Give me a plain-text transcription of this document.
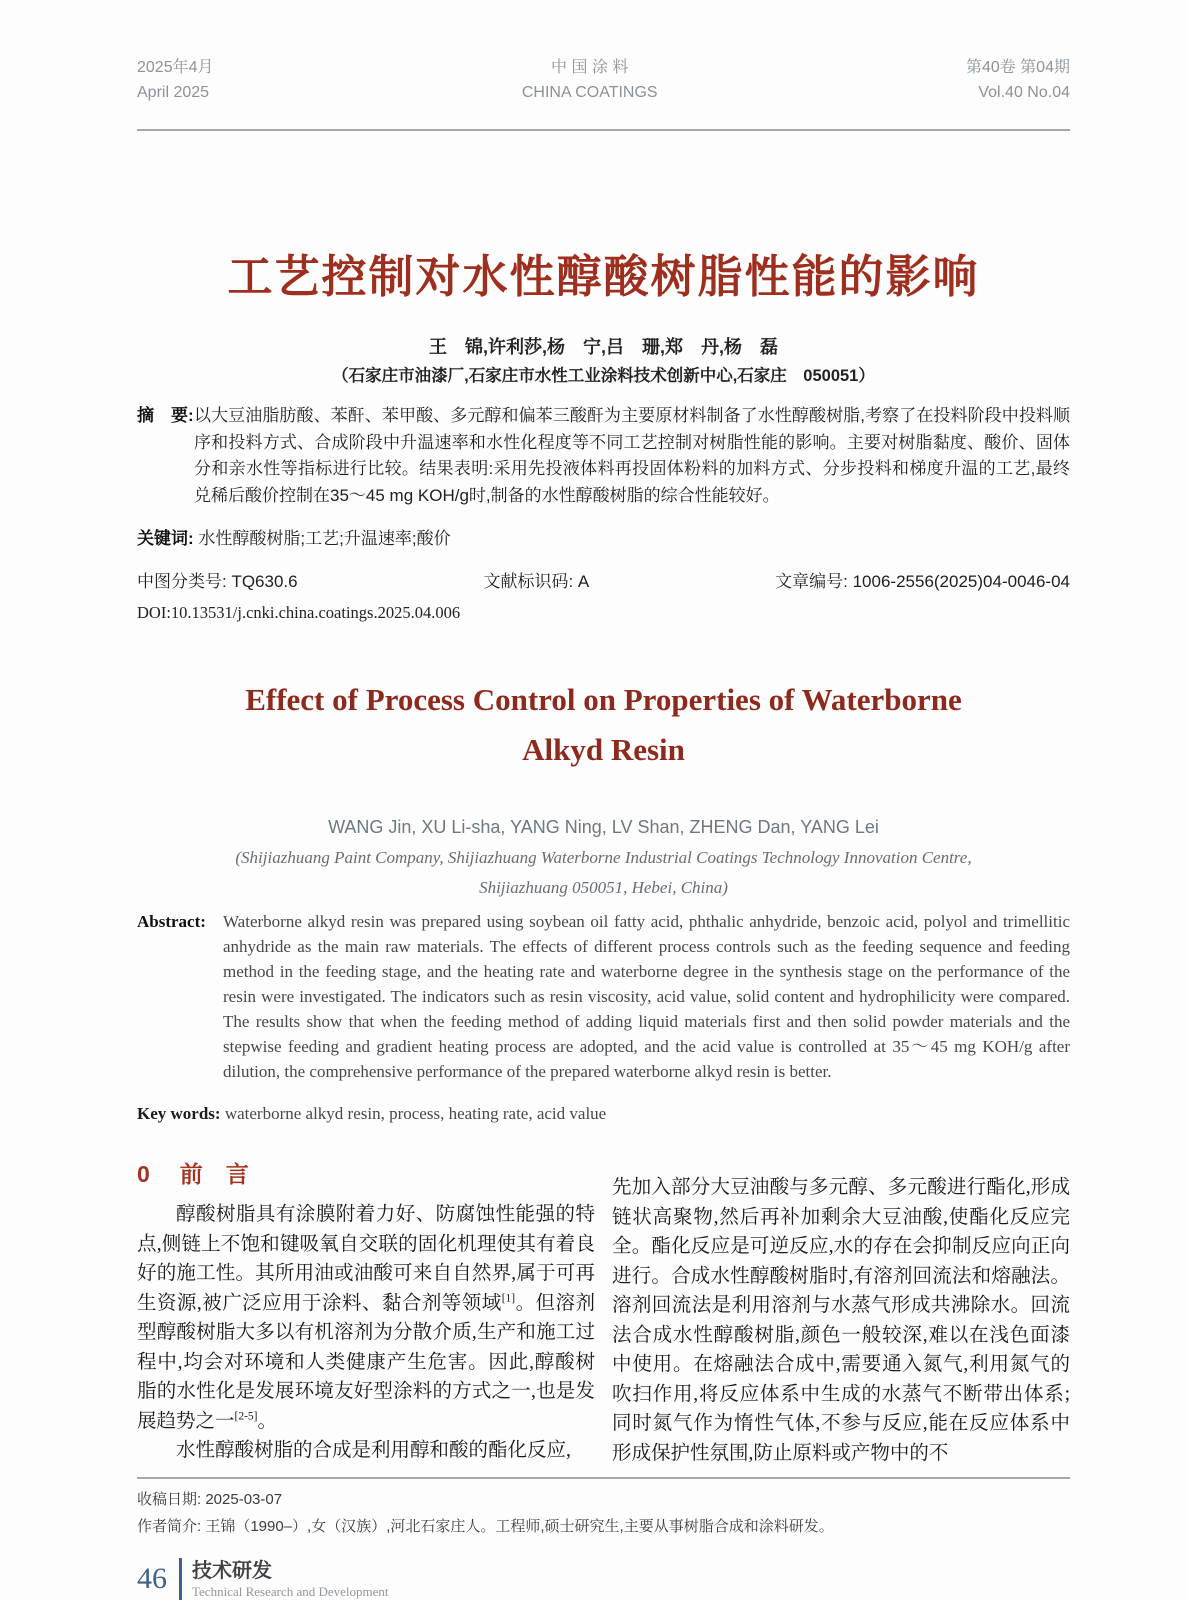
2025年4月
April 2025
中 国 涂 料
CHINA COATINGS
第40卷 第04期
Vol.40 No.04
工艺控制对水性醇酸树脂性能的影响
王　锦,许利莎,杨　宁,吕　珊,郑　丹,杨　磊
（石家庄市油漆厂,石家庄市水性工业涂料技术创新中心,石家庄　050051）

摘　要: 以大豆油脂肪酸、苯酐、苯甲酸、多元醇和偏苯三酸酐为主要原材料制备了水性醇酸树脂,考察了在投料阶段中投料顺序和投料方式、合成阶段中升温速率和水性化程度等不同工艺控制对树脂性能的影响。主要对树脂黏度、酸价、固体分和亲水性等指标进行比较。结果表明:采用先投液体料再投固体粉料的加料方式、分步投料和梯度升温的工艺,最终兑稀后酸价控制在35～45 mg KOH/g时,制备的水性醇酸树脂的综合性能较好。

关键词: 水性醇酸树脂;工艺;升温速率;酸价

中图分类号: TQ630.6	文献标识码: A	文章编号: 1006-2556(2025)04-0046-04
DOI:10.13531/j.cnki.china.coatings.2025.04.006
Effect of Process Control on Properties of Waterborne
Alkyd Resin
WANG Jin, XU Li-sha, YANG Ning, LV Shan, ZHENG Dan, YANG Lei
(Shijiazhuang Paint Company, Shijiazhuang Waterborne Industrial Coatings Technology Innovation Centre,
Shijiazhuang 050051, Hebei, China)

Abstract: Waterborne alkyd resin was prepared using soybean oil fatty acid, phthalic anhydride, benzoic acid, polyol and trimellitic anhydride as the main raw materials. The effects of different process controls such as the feeding sequence and feeding method in the feeding stage, and the heating rate and waterborne degree in the synthesis stage on the performance of the resin were investigated. The indicators such as resin viscosity, acid value, solid content and hydrophilicity were compared. The results show that when the feeding method of adding liquid materials first and then solid powder materials and the stepwise feeding and gradient heating process are adopted, and the acid value is controlled at 35～45 mg KOH/g after dilution, the comprehensive performance of the prepared waterborne alkyd resin is better.

Key words: waterborne alkyd resin, process, heating rate, acid value

0 前　言

醇酸树脂具有涂膜附着力好、防腐蚀性能强的特点,侧链上不饱和键吸氧自交联的固化机理使其有着良好的施工性。其所用油或油酸可来自自然界,属于可再生资源,被广泛应用于涂料、黏合剂等领域[1]。但溶剂型醇酸树脂大多以有机溶剂为分散介质,生产和施工过程中,均会对环境和人类健康产生危害。因此,醇酸树脂的水性化是发展环境友好型涂料的方式之一,也是发展趋势之一[2-5]。

水性醇酸树脂的合成是利用醇和酸的酯化反应,

先加入部分大豆油酸与多元醇、多元酸进行酯化,形成链状高聚物,然后再补加剩余大豆油酸,使酯化反应完全。酯化反应是可逆反应,水的存在会抑制反应向正向进行。合成水性醇酸树脂时,有溶剂回流法和熔融法。溶剂回流法是利用溶剂与水蒸气形成共沸除水。回流法合成水性醇酸树脂,颜色一般较深,难以在浅色面漆中使用。在熔融法合成中,需要通入氮气,利用氮气的吹扫作用,将反应体系中生成的水蒸气不断带出体系;同时氮气作为惰性气体,不参与反应,能在反应体系中形成保护性氛围,防止原料或产物中的不

收稿日期: 2025-03-07
作者简介: 王锦（1990–）,女（汉族）,河北石家庄人。工程师,硕士研究生,主要从事树脂合成和涂料研发。
46 技术研发
Technical Research and Development
